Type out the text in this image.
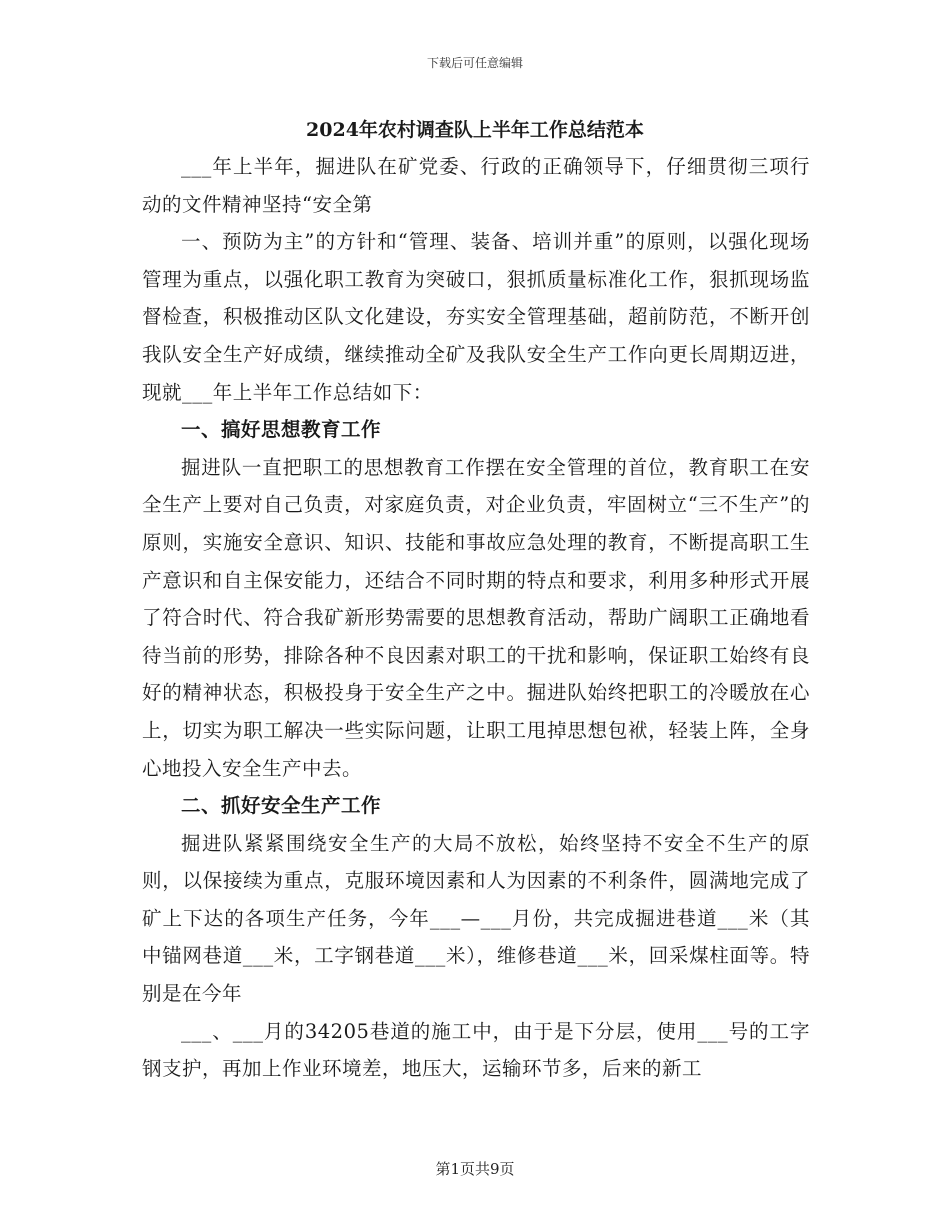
下载后可任意编辑
2024年农村调查队上半年工作总结范本

___年上半年，掘进队在矿党委、行政的正确领导下，仔细贯彻三项行动的文件精神坚持“安全第

一、预防为主”的方针和“管理、装备、培训并重”的原则，以强化现场管理为重点，以强化职工教育为突破口，狠抓质量标准化工作，狠抓现场监督检查，积极推动区队文化建设，夯实安全管理基础，超前防范，不断开创我队安全生产好成绩，继续推动全矿及我队安全生产工作向更长周期迈进，现就___年上半年工作总结如下：

一、搞好思想教育工作

掘进队一直把职工的思想教育工作摆在安全管理的首位，教育职工在安全生产上要对自己负责，对家庭负责，对企业负责，牢固树立“三不生产”的原则，实施安全意识、知识、技能和事故应急处理的教育，不断提高职工生产意识和自主保安能力，还结合不同时期的特点和要求，利用多种形式开展了符合时代、符合我矿新形势需要的思想教育活动，帮助广阔职工正确地看待当前的形势，排除各种不良因素对职工的干扰和影响，保证职工始终有良好的精神状态，积极投身于安全生产之中。掘进队始终把职工的冷暖放在心上，切实为职工解决一些实际问题，让职工甩掉思想包袱，轻装上阵，全身心地投入安全生产中去。

二、抓好安全生产工作

掘进队紧紧围绕安全生产的大局不放松，始终坚持不安全不生产的原则，以保接续为重点，克服环境因素和人为因素的不利条件，圆满地完成了矿上下达的各项生产任务，今年___—___月份，共完成掘进巷道___米（其中锚网巷道___米，工字钢巷道___米），维修巷道___米，回采煤柱面等。特别是在今年

___、___月的34205巷道的施工中，由于是下分层，使用___号的工字钢支护，再加上作业环境差，地压大，运输环节多，后来的新工

第1页共9页
